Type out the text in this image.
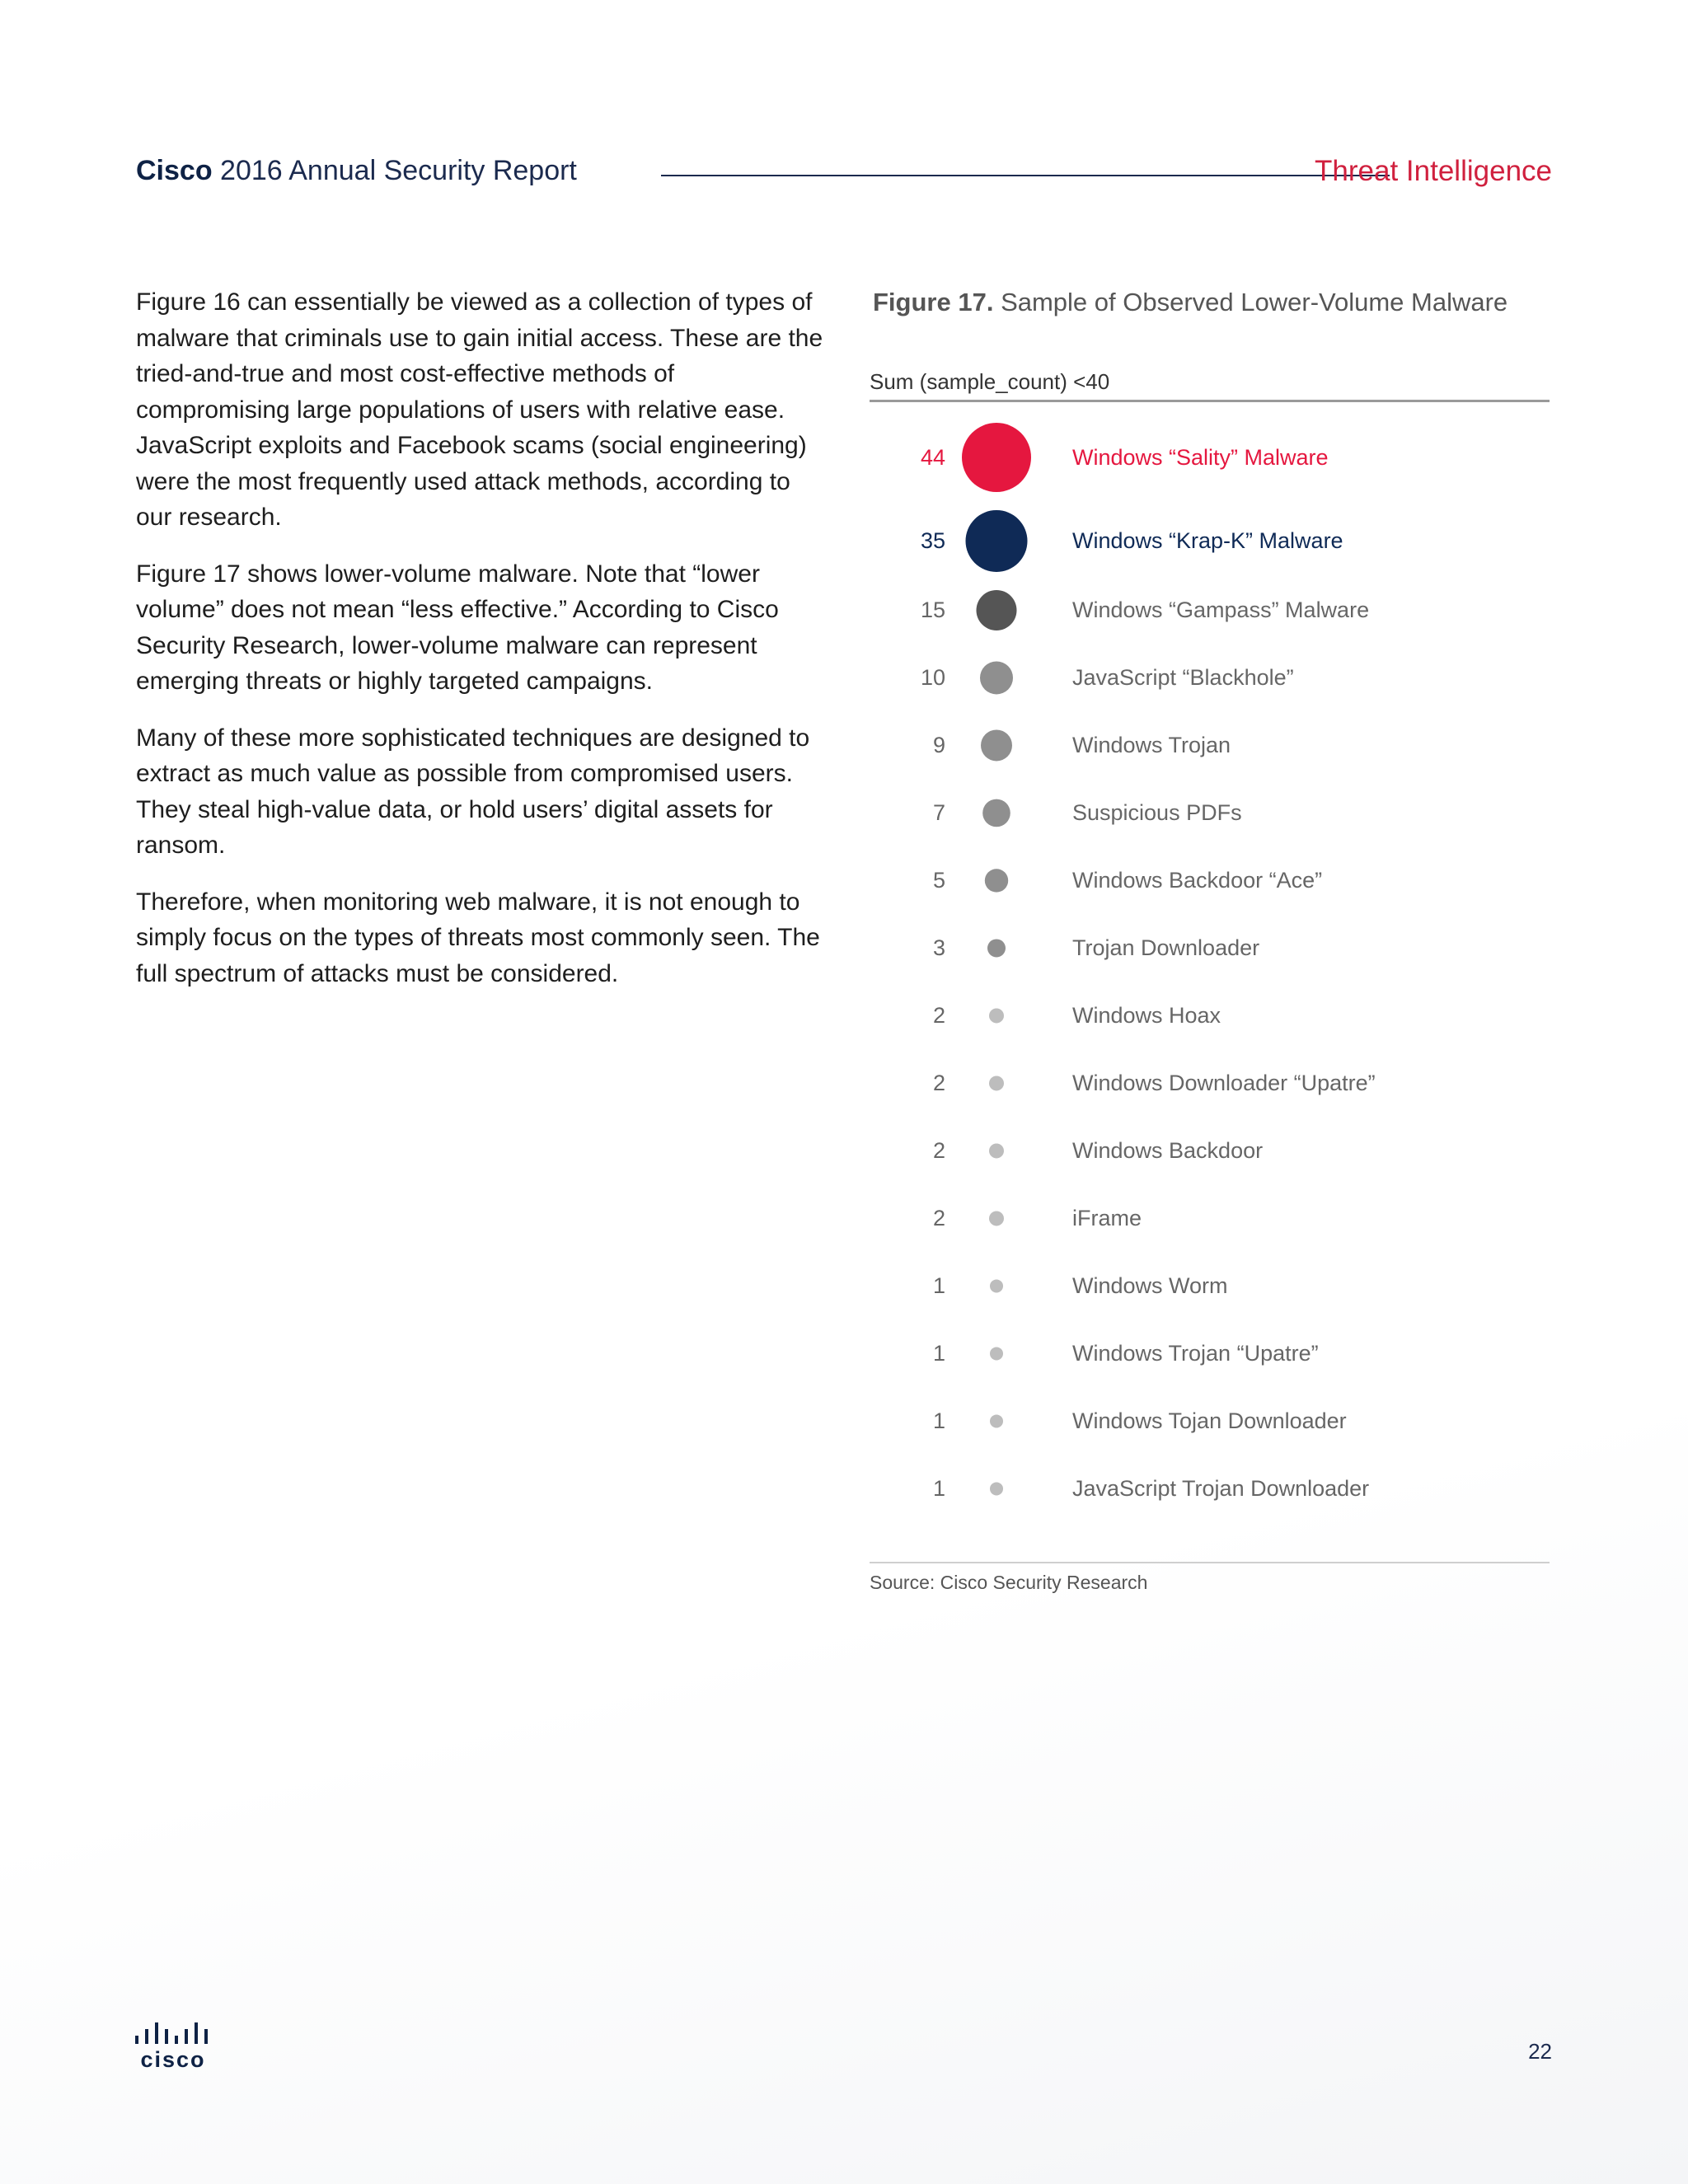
Cisco 2016 Annual Security Report	Threat Intelligence

Figure 16 can essentially be viewed as a collection of types of malware that criminals use to gain initial access. These are the tried-and-true and most cost-effective methods of compromising large populations of users with relative ease. JavaScript exploits and Facebook scams (social engineering) were the most frequently used attack methods, according to our research.

Figure 17 shows lower-volume malware. Note that “lower volume” does not mean “less effective.” According to Cisco Security Research, lower-volume malware can represent emerging threats or highly targeted campaigns.

Many of these more sophisticated techniques are designed to extract as much value as possible from compromised users. They steal high-value data, or hold users’ digital assets for ransom.

Therefore, when monitoring web malware, it is not enough to simply focus on the types of threats most commonly seen. The full spectrum of attacks must be considered.

Figure 17. Sample of Observed Lower-Volume Malware
Sum (sample_count) <40
44	Windows “Sality” Malware
35	Windows “Krap-K” Malware
15	Windows “Gampass” Malware
10	JavaScript “Blackhole”
9	Windows Trojan
7	Suspicious PDFs
5	Windows Backdoor “Ace”
3	Trojan Downloader
2	Windows Hoax
2	Windows Downloader “Upatre”
2	Windows Backdoor
2	iFrame
1	Windows Worm
1	Windows Trojan “Upatre”
1	Windows Tojan Downloader
1	JavaScript Trojan Downloader
Source: Cisco Security Research
cisco	22
